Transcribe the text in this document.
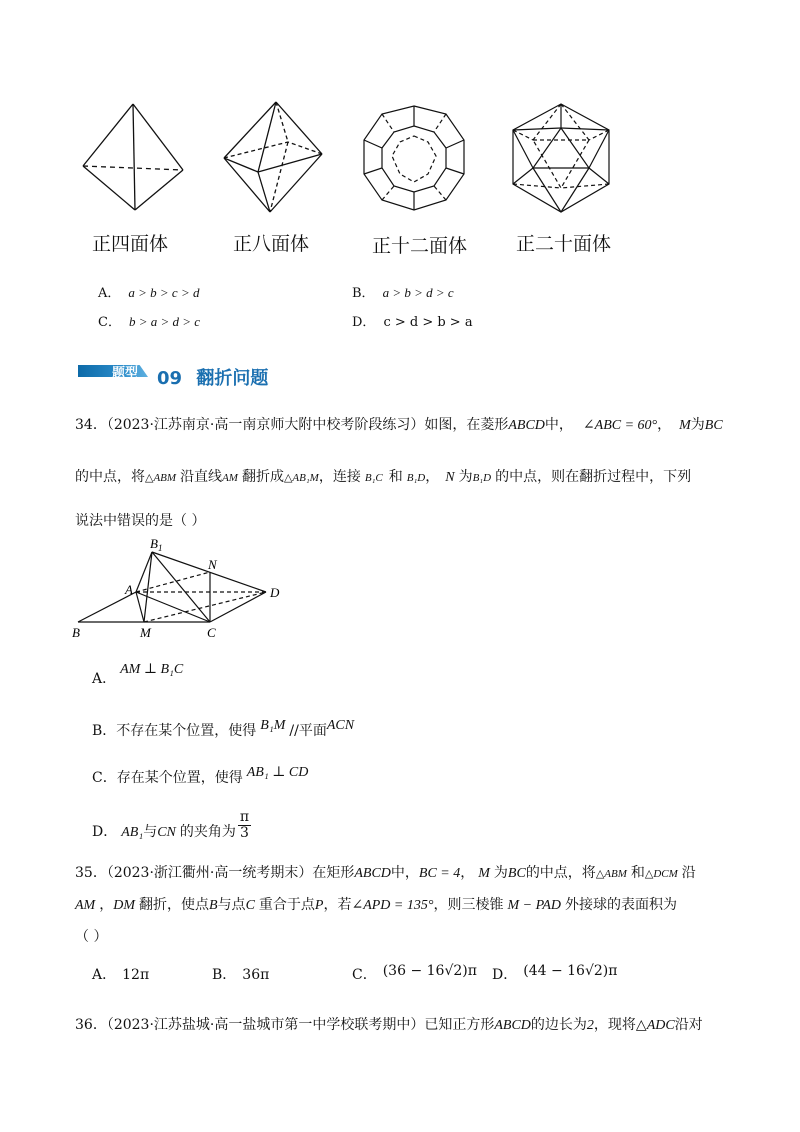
正四面体	正八面体	正十二面体	正二十面体
A． a > b > c > d	B． a > b > d > c
C． b > a > d > c	D． c > d > b > a
题型 09 翻折问题
34．（2023·江苏南京·高一南京师大附中校考阶段练习）如图，在菱形ABCD中， ∠ABC = 60°， M为BC
的中点，将△ABM 沿直线AM 翻折成△AB₁M，连接 B₁C 和 B₁D， N 为B₁D 的中点，则在翻折过程中，下列
说法中错误的是（ ）
$B_1$
A
N
D
B	M	C
A．AM ⊥ B₁C
B．不存在某个位置，使得 B₁M //平面ACN
C．存在某个位置，使得 AB₁ ⊥ CD
D． AB₁与CN 的夹角为 $\frac{\pi}{3}$
35．（2023·浙江衢州·高一统考期末）在矩形ABCD中，BC = 4， M 为BC的中点，将△ABM 和△DCM 沿
AM ，DM 翻折，使点B与点C 重合于点P，若∠APD = 135°，则三棱锥 M − PAD 外接球的表面积为
（ ）
A． 12π	B． 36π	C． (36 − 16√2)π D． (44 − 16√2)π
36．（2023·江苏盐城·高一盐城市第一中学校联考期中）已知正方形ABCD的边长为2，现将△ADC沿对
